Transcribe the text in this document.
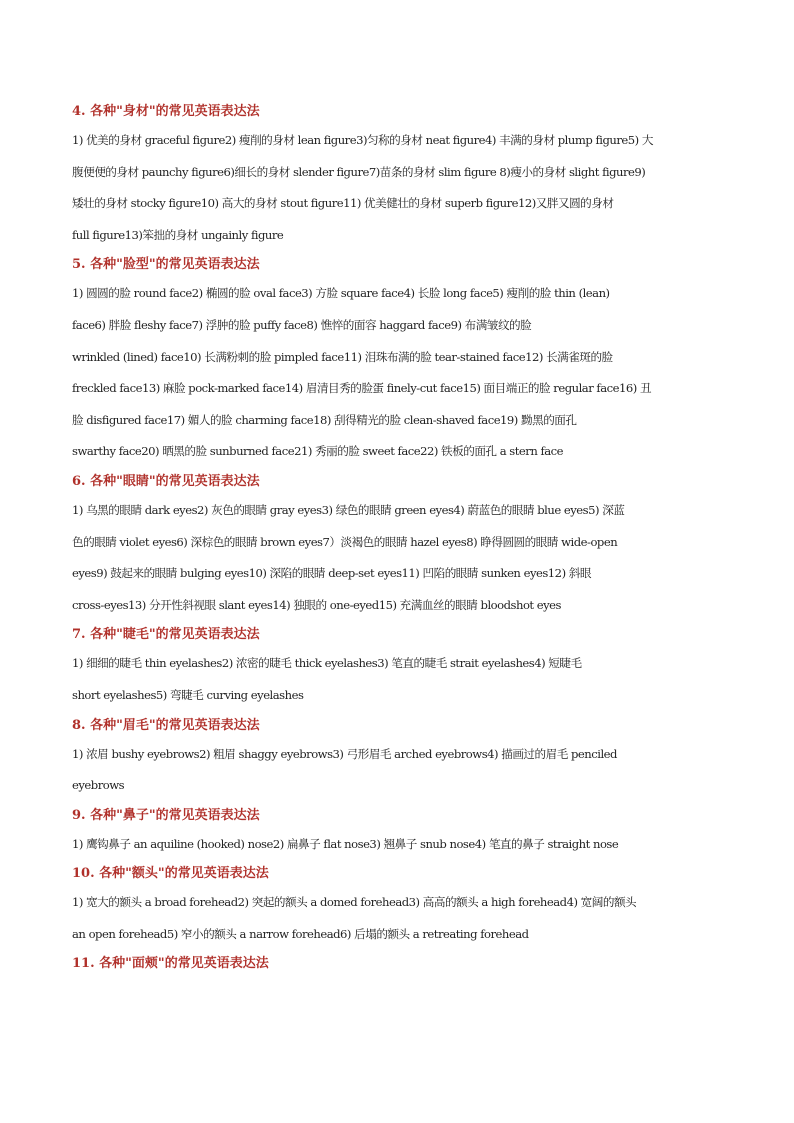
4. 各种"身材"的常见英语表达法
1) 优美的身材 graceful figure2) 瘦削的身材 lean figure3)匀称的身材 neat figure4) 丰满的身材 plump figure5) 大
腹便便的身材 paunchy figure6)细长的身材 slender figure7)苗条的身材 slim figure 8)瘦小的身材 slight figure9)
矮壮的身材 stocky figure10) 高大的身材 stout figure11) 优美健壮的身材 superb figure12)又胖又圆的身材
full figure13)笨拙的身材 ungainly figure
5. 各种"脸型"的常见英语表达法
1) 圆圆的脸 round face2) 椭圆的脸 oval face3) 方脸 square face4) 长脸 long face5) 瘦削的脸 thin (lean)
face6) 胖脸 fleshy face7) 浮肿的脸 puffy face8) 憔悴的面容 haggard face9) 布满皱纹的脸
wrinkled (lined) face10) 长满粉刺的脸 pimpled face11) 泪珠布满的脸 tear-stained face12) 长满雀斑的脸
freckled face13) 麻脸 pock-marked face14) 眉清目秀的脸蛋 finely-cut face15) 面目端正的脸 regular face16) 丑
脸 disfigured face17) 媚人的脸 charming face18) 刮得精光的脸 clean-shaved face19) 黝黑的面孔
swarthy face20) 晒黑的脸 sunburned face21) 秀丽的脸 sweet face22) 铁板的面孔 a stern face
6. 各种"眼睛"的常见英语表达法
1) 乌黑的眼睛 dark eyes2) 灰色的眼睛 gray eyes3) 绿色的眼睛 green eyes4) 蔚蓝色的眼睛 blue eyes5) 深蓝
色的眼睛 violet eyes6) 深棕色的眼睛 brown eyes7）淡褐色的眼睛 hazel eyes8) 睁得圆圆的眼睛 wide-open
eyes9) 鼓起来的眼睛 bulging eyes10) 深陷的眼睛 deep-set eyes11) 凹陷的眼睛 sunken eyes12) 斜眼
cross-eyes13) 分开性斜视眼 slant eyes14) 独眼的 one-eyed15) 充满血丝的眼睛 bloodshot eyes
7. 各种"睫毛"的常见英语表达法
1) 细细的睫毛 thin eyelashes2) 浓密的睫毛 thick eyelashes3) 笔直的睫毛 strait eyelashes4) 短睫毛
short eyelashes5) 弯睫毛 curving eyelashes
8. 各种"眉毛"的常见英语表达法
1) 浓眉 bushy eyebrows2) 粗眉 shaggy eyebrows3) 弓形眉毛 arched eyebrows4) 描画过的眉毛 penciled
eyebrows
9. 各种"鼻子"的常见英语表达法
1) 鹰钩鼻子 an aquiline (hooked) nose2) 扁鼻子 flat nose3) 翘鼻子 snub nose4) 笔直的鼻子 straight nose
10. 各种"额头"的常见英语表达法
1) 宽大的额头 a broad forehead2) 突起的额头 a domed forehead3) 高高的额头 a high forehead4) 宽阔的额头
an open forehead5) 窄小的额头 a narrow forehead6) 后塌的额头 a retreating forehead
11. 各种"面颊"的常见英语表达法
